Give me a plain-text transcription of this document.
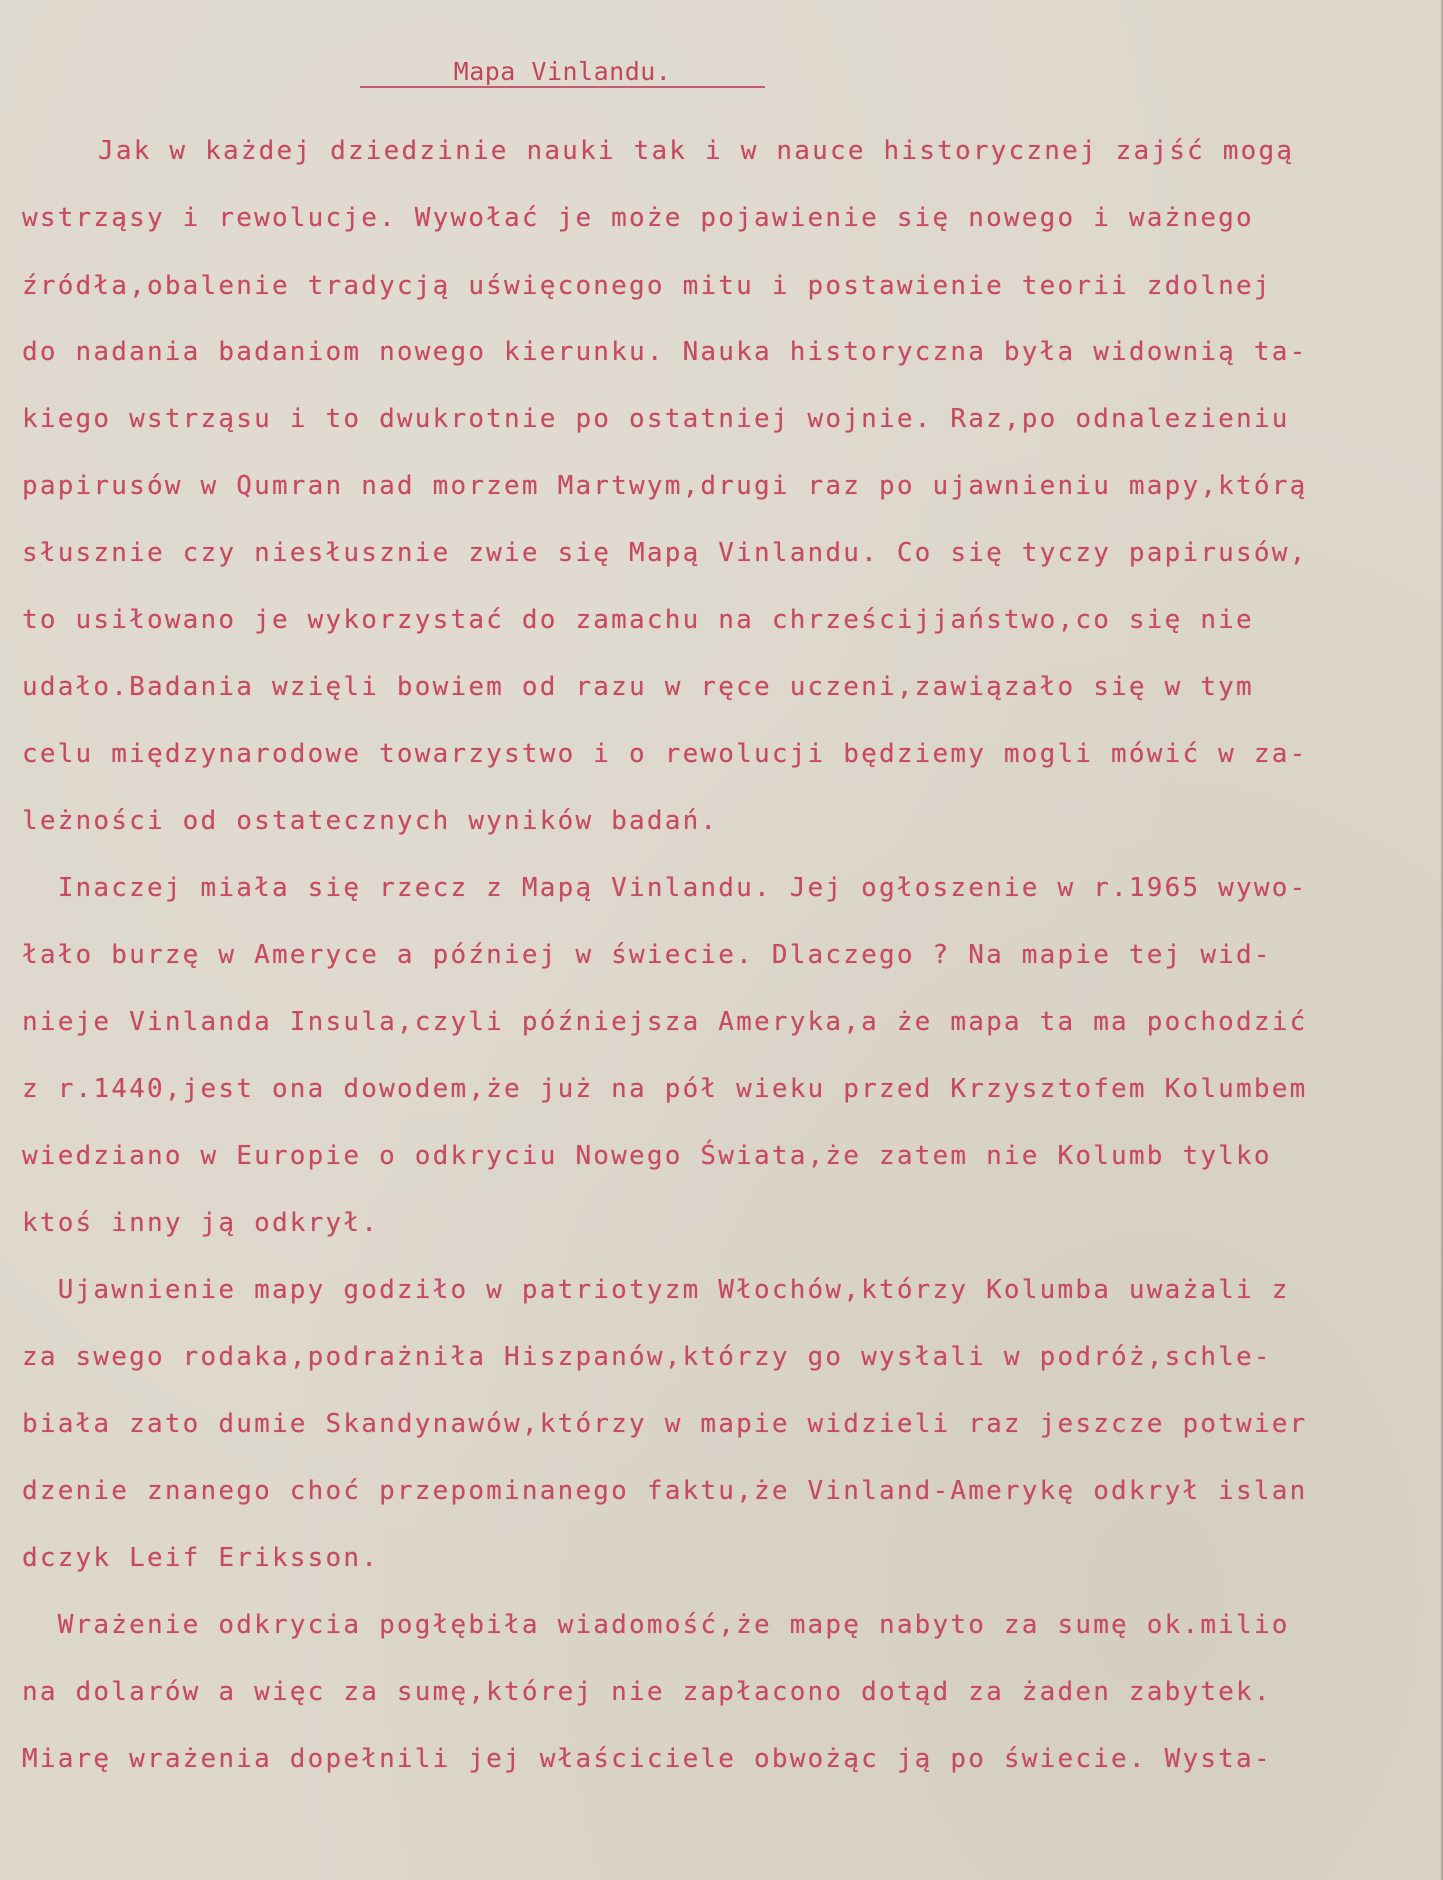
Mapa Vinlandu.
Jak w każdej dziedzinie nauki tak i w nauce historycznej zajść mogą
wstrząsy i rewolucje. Wywołać je może pojawienie się nowego i ważnego
źródła,obalenie tradycją uświęconego mitu i postawienie teorii zdolnej
do nadania badaniom nowego kierunku. Nauka historyczna była widownią ta-
kiego wstrząsu i to dwukrotnie po ostatniej wojnie. Raz,po odnalezieniu
papirusów w Qumran nad morzem Martwym,drugi raz po ujawnieniu mapy,którą
słusznie czy niesłusznie zwie się Mapą Vinlandu. Co się tyczy papirusów,
to usiłowano je wykorzystać do zamachu na chrześcijjaństwo,co się nie
udało.Badania wzięli bowiem od razu w ręce uczeni,zawiązało się w tym
celu międzynarodowe towarzystwo i o rewolucji będziemy mogli mówić w za-
leżności od ostatecznych wyników badań.
Inaczej miała się rzecz z Mapą Vinlandu. Jej ogłoszenie w r.1965 wywo-
łało burzę w Ameryce a później w świecie. Dlaczego ? Na mapie tej wid-
nieje Vinlanda Insula,czyli późniejsza Ameryka,a że mapa ta ma pochodzić
z r.1440,jest ona dowodem,że już na pół wieku przed Krzysztofem Kolumbem
wiedziano w Europie o odkryciu Nowego Świata,że zatem nie Kolumb tylko
ktoś inny ją odkrył.
Ujawnienie mapy godziło w patriotyzm Włochów,którzy Kolumba uważali z
za swego rodaka,podrażniła Hiszpanów,którzy go wysłali w podróż,schle-
biała zato dumie Skandynawów,którzy w mapie widzieli raz jeszcze potwier
dzenie znanego choć przepominanego faktu,że Vinland-Amerykę odkrył islan
dczyk Leif Eriksson.
Wrażenie odkrycia pogłębiła wiadomość,że mapę nabyto za sumę ok.milio
na dolarów a więc za sumę,której nie zapłacono dotąd za żaden zabytek.
Miarę wrażenia dopełnili jej właściciele obwożąc ją po świecie. Wysta-
